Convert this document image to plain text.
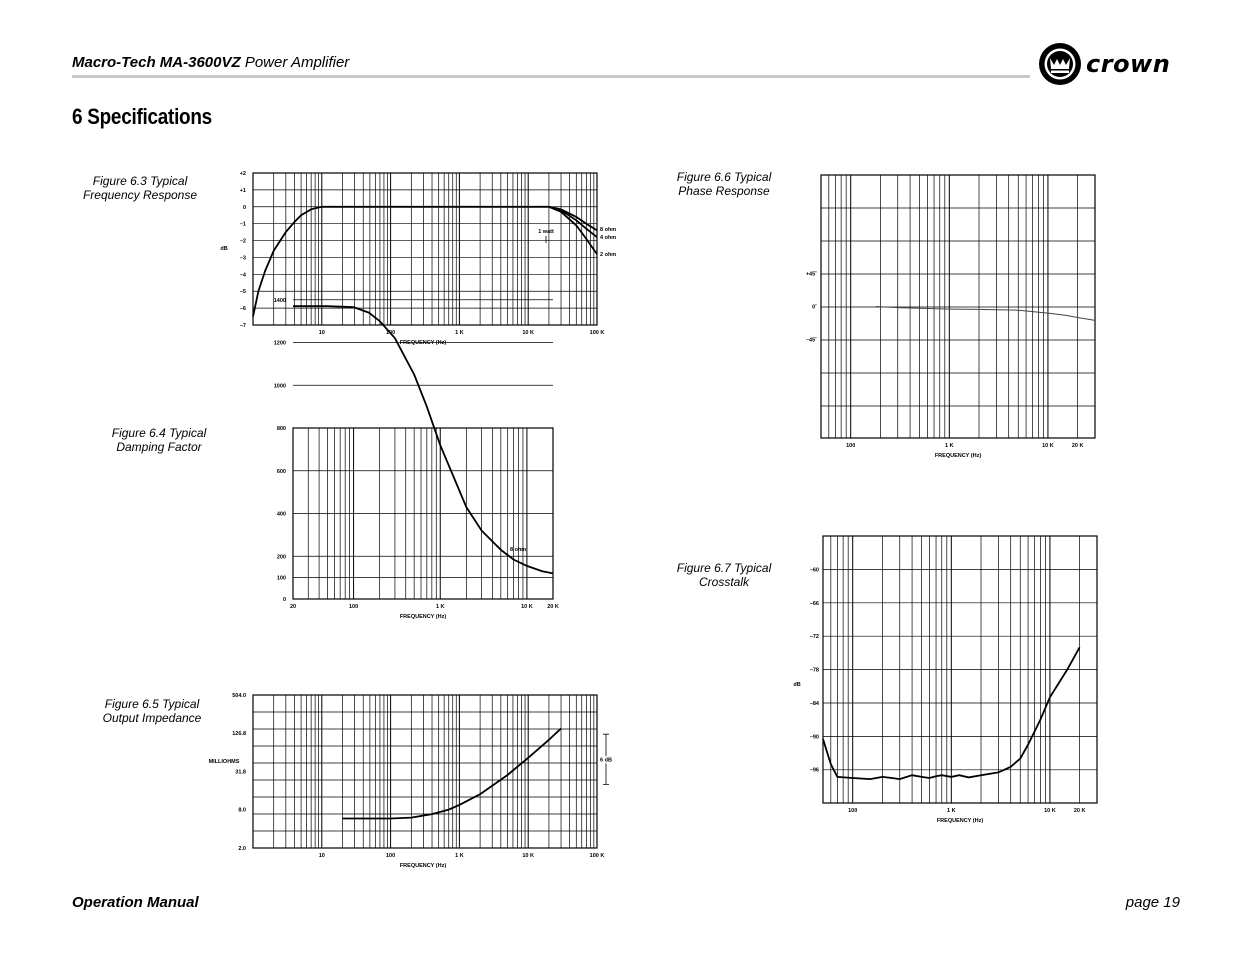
Macro-Tech MA-3600VZ Power Amplifier	crown
6 Specifications
Figure 6.3 Typical
Frequency Response
Figure 6.4 Typical
Damping Factor
Figure 6.5 Typical
Output Impedance
Figure 6.6 Typical
Phase Response
Figure 6.7 Typical
Crosstalk
+2
+1
0
–1
–2
–3
–4
–5
–6
–7
10	100	1 K	10 K	100 K
FREQUENCY (Hz)
dB
8 ohm
4 ohm
2 ohm
1 watt
1400
1200
1000
800
600
400
200
100
0
20	100	1 K	10 K	20 K
FREQUENCY (Hz)
8 ohm
504.0
126.8
31.8
8.0
2.0
10	100	1 K	10 K	100 K
FREQUENCY (Hz)
MILLIOHMS	6 dB
+45˚
0˚
–45˚
100	1 K	10 K	20 K
FREQUENCY (Hz)
–60
–66
–72
–78
–84
–90
–96
100	1 K	10 K	20 K
FREQUENCY (Hz)
dB
Operation Manual	page 19
